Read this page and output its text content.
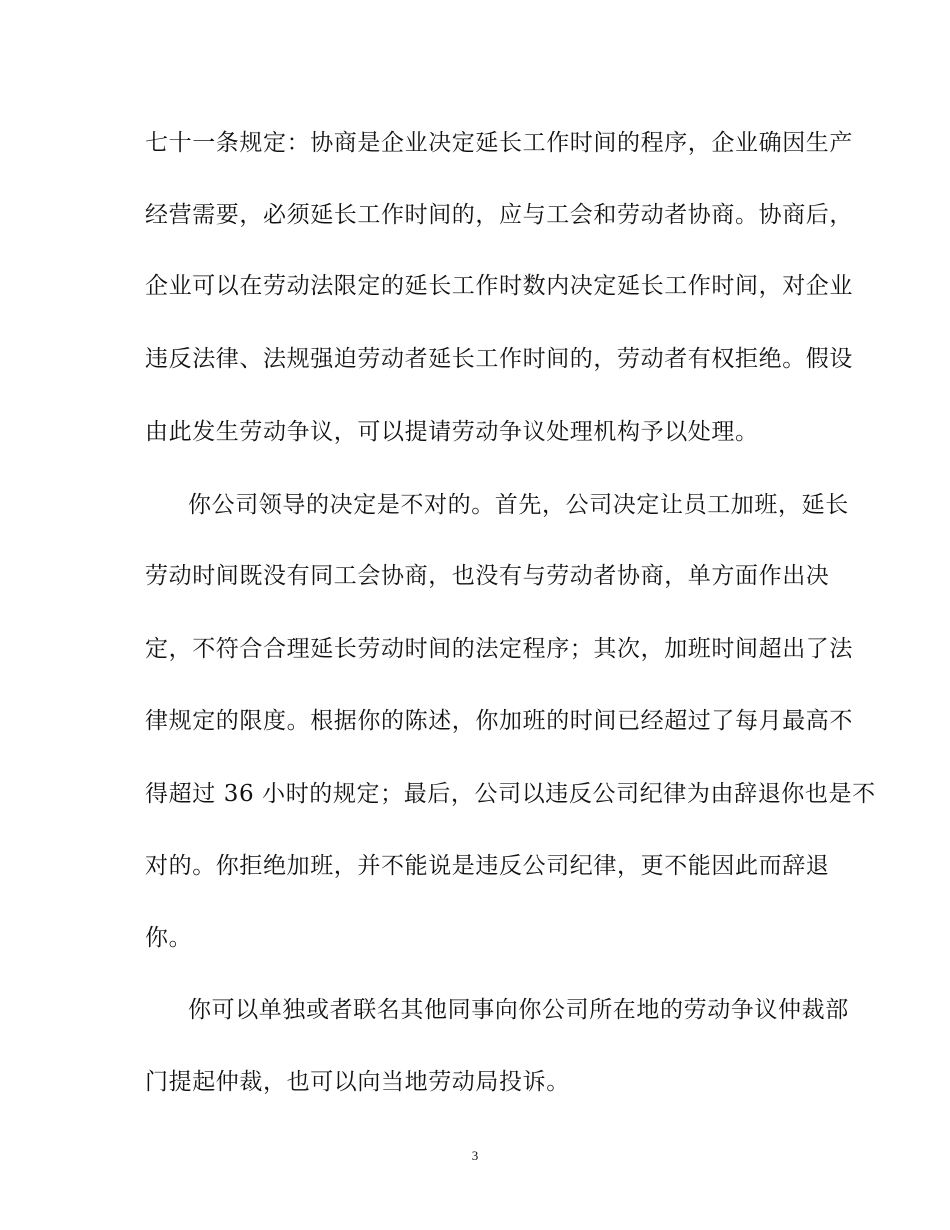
七十一条规定：协商是企业决定延长工作时间的程序，企业确因生产
经营需要，必须延长工作时间的，应与工会和劳动者协商。协商后，
企业可以在劳动法限定的延长工作时数内决定延长工作时间，对企业
违反法律、法规强迫劳动者延长工作时间的，劳动者有权拒绝。假设
由此发生劳动争议，可以提请劳动争议处理机构予以处理。
你公司领导的决定是不对的。首先，公司决定让员工加班，延长
劳动时间既没有同工会协商，也没有与劳动者协商，单方面作出决
定，不符合合理延长劳动时间的法定程序；其次，加班时间超出了法
律规定的限度。根据你的陈述，你加班的时间已经超过了每月最高不
得超过 36 小时的规定；最后，公司以违反公司纪律为由辞退你也是不
对的。你拒绝加班，并不能说是违反公司纪律，更不能因此而辞退
你。
你可以单独或者联名其他同事向你公司所在地的劳动争议仲裁部
门提起仲裁，也可以向当地劳动局投诉。
3
